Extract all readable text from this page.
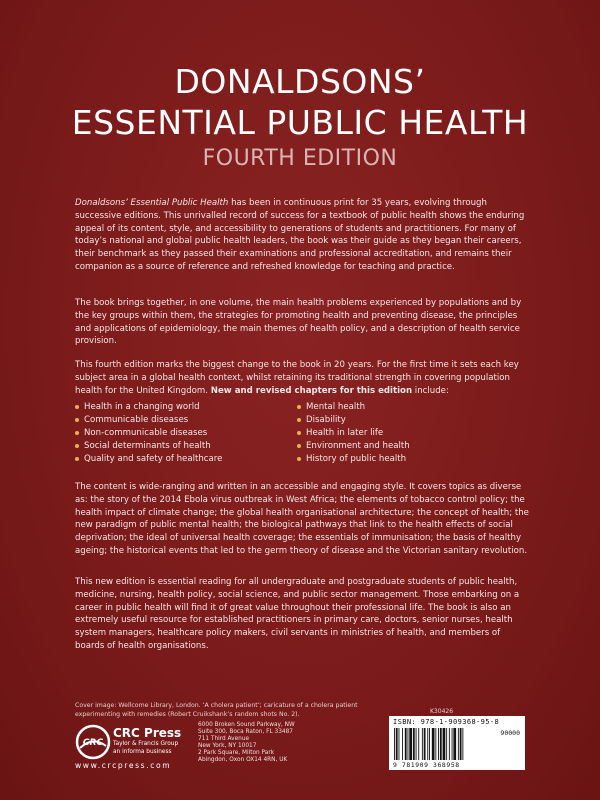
DONALDSONS’
ESSENTIAL PUBLIC HEALTH
FOURTH EDITION

Donaldsons’ Essential Public Health has been in continuous print for 35 years, evolving through successive editions. This unrivalled record of success for a textbook of public health shows the enduring appeal of its content, style, and accessibility to generations of students and practitioners. For many of today’s national and global public health leaders, the book was their guide as they began their careers, their benchmark as they passed their examinations and professional accreditation, and remains their companion as a source of reference and refreshed knowledge for teaching and practice.

The book brings together, in one volume, the main health problems experienced by populations and by the key groups within them, the strategies for promoting health and preventing disease, the principles and applications of epidemiology, the main themes of health policy, and a description of health service provision.

This fourth edition marks the biggest change to the book in 20 years. For the first time it sets each key subject area in a global health context, whilst retaining its traditional strength in covering population health for the United Kingdom. New and revised chapters for this edition include:

Health in a changing world
Communicable diseases
Non-communicable diseases
Social determinants of health
Quality and safety of healthcare
Mental health
Disability
Health in later life
Environment and health
History of public health

The content is wide-ranging and written in an accessible and engaging style. It covers topics as diverse as: the story of the 2014 Ebola virus outbreak in West Africa; the elements of tobacco control policy; the health impact of climate change; the global health organisational architecture; the concept of health; the new paradigm of public mental health; the biological pathways that link to the health effects of social deprivation; the ideal of universal health coverage; the essentials of immunisation; the basis of healthy ageing; the historical events that led to the germ theory of disease and the Victorian sanitary revolution.

This new edition is essential reading for all undergraduate and postgraduate students of public health, medicine, nursing, health policy, social science, and public sector management. Those embarking on a career in public health will find it of great value throughout their professional life. The book is also an extremely useful resource for established practitioners in primary care, doctors, senior nurses, health system managers, healthcare policy makers, civil servants in ministries of health, and members of boards of health organisations.

Cover image: Wellcome Library, London. ‘A cholera patient’; caricature of a cholera patient experimenting with remedies (Robert Cruikshank’s random shots No. 2).
CRC
CRC Press
Taylor & Francis Group
an informa business
www.crcpress.com
6000 Broken Sound Parkway, NW
Suite 300, Boca Raton, FL 33487
711 Third Avenue
New York, NY 10017
2 Park Square, Milton Park
Abingdon, Oxon OX14 4RN, UK
K30426
ISBN: 978-1-909368-95-8
90000
9 781909 368958
